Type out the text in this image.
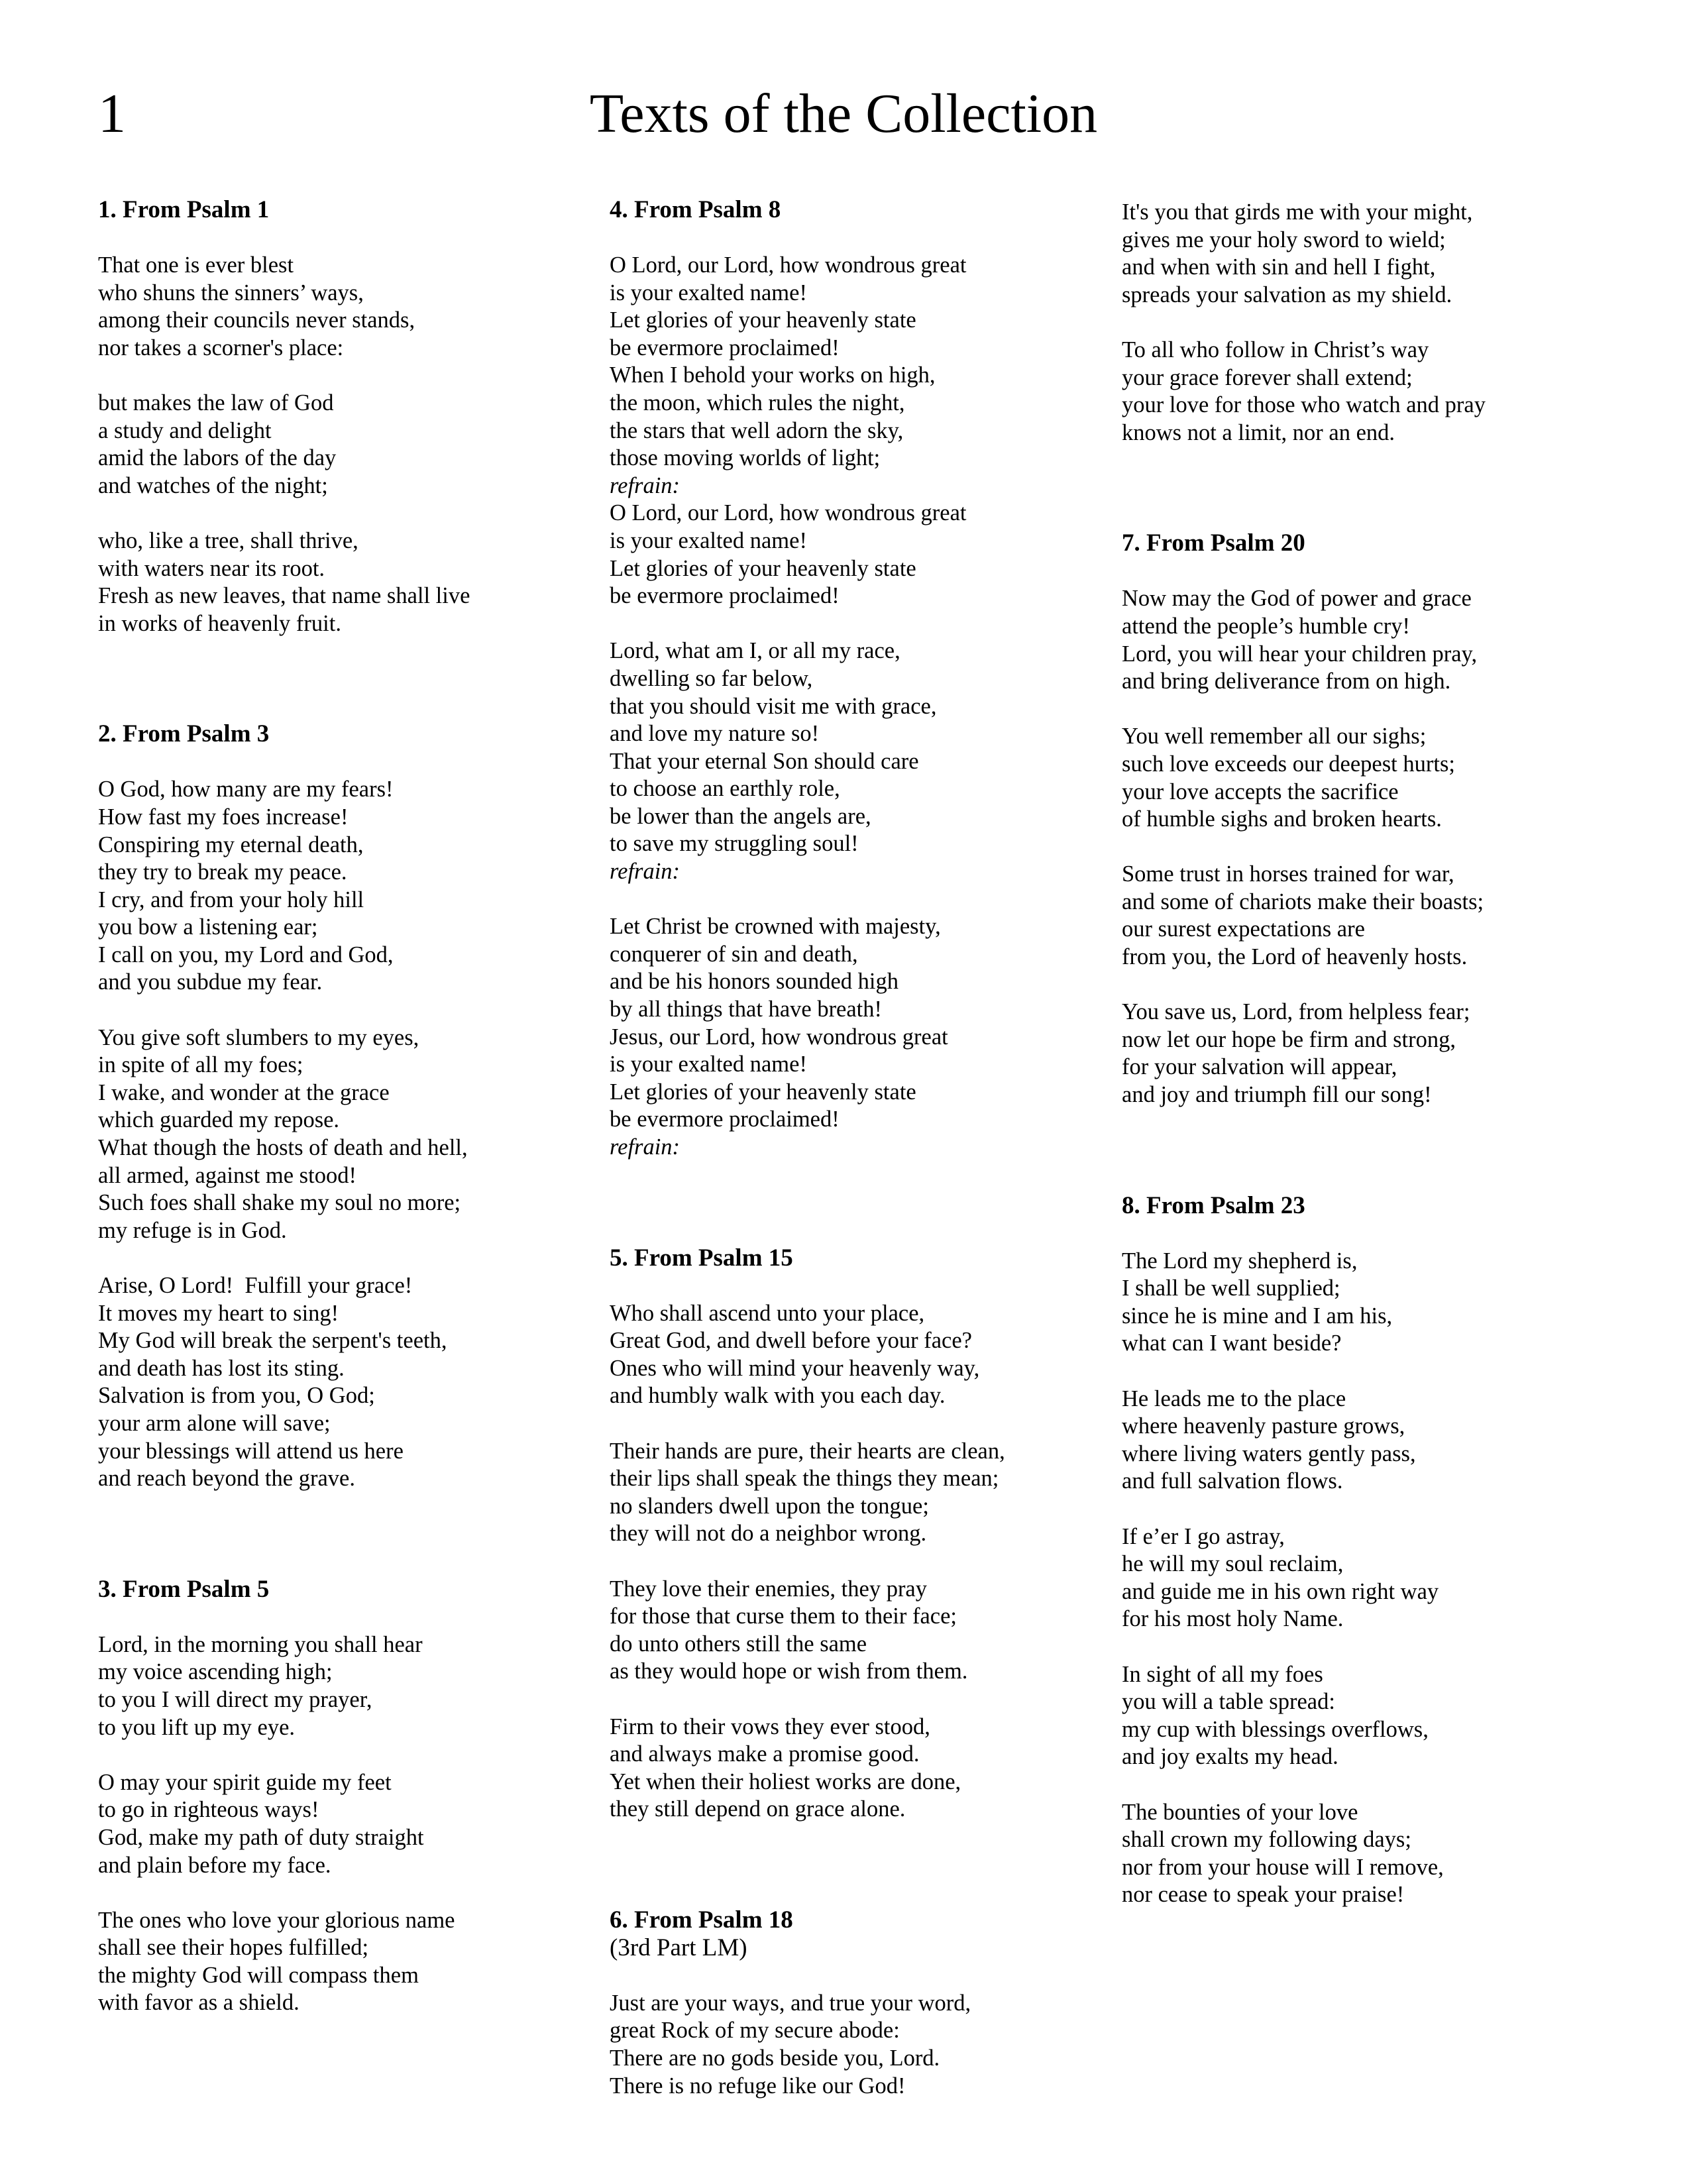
1	Texts of the Collection
1. From Psalm 1
That one is ever blest
who shuns the sinners’ ways,
among their councils never stands,
nor takes a scorner's place:
but makes the law of God
a study and delight
amid the labors of the day
and watches of the night;
who, like a tree, shall thrive,
with waters near its root.
Fresh as new leaves, that name shall live
in works of heavenly fruit.
2. From Psalm 3
O God, how many are my fears!
How fast my foes increase!
Conspiring my eternal death,
they try to break my peace.
I cry, and from your holy hill
you bow a listening ear;
I call on you, my Lord and God,
and you subdue my fear.
You give soft slumbers to my eyes,
in spite of all my foes;
I wake, and wonder at the grace
which guarded my repose.
What though the hosts of death and hell,
all armed, against me stood!
Such foes shall shake my soul no more;
my refuge is in God.
Arise, O Lord!  Fulfill your grace!
It moves my heart to sing!
My God will break the serpent's teeth,
and death has lost its sting.
Salvation is from you, O God;
your arm alone will save;
your blessings will attend us here
and reach beyond the grave.
3. From Psalm 5
Lord, in the morning you shall hear
my voice ascending high;
to you I will direct my prayer,
to you lift up my eye.
O may your spirit guide my feet
to go in righteous ways!
God, make my path of duty straight
and plain before my face.
The ones who love your glorious name
shall see their hopes fulfilled;
the mighty God will compass them
with favor as a shield.
4. From Psalm 8
O Lord, our Lord, how wondrous great
is your exalted name!
Let glories of your heavenly state
be evermore proclaimed!
When I behold your works on high,
the moon, which rules the night,
the stars that well adorn the sky,
those moving worlds of light;
refrain:
O Lord, our Lord, how wondrous great
is your exalted name!
Let glories of your heavenly state
be evermore proclaimed!
Lord, what am I, or all my race,
dwelling so far below,
that you should visit me with grace,
and love my nature so!
That your eternal Son should care
to choose an earthly role,
be lower than the angels are,
to save my struggling soul!
refrain:
Let Christ be crowned with majesty,
conquerer of sin and death,
and be his honors sounded high
by all things that have breath!
Jesus, our Lord, how wondrous great
is your exalted name!
Let glories of your heavenly state
be evermore proclaimed!
refrain:
5. From Psalm 15
Who shall ascend unto your place,
Great God, and dwell before your face?
Ones who will mind your heavenly way,
and humbly walk with you each day.
Their hands are pure, their hearts are clean,
their lips shall speak the things they mean;
no slanders dwell upon the tongue;
they will not do a neighbor wrong.
They love their enemies, they pray
for those that curse them to their face;
do unto others still the same
as they would hope or wish from them.
Firm to their vows they ever stood,
and always make a promise good.
Yet when their holiest works are done,
they still depend on grace alone.
6. From Psalm 18
(3rd Part LM)
Just are your ways, and true your word,
great Rock of my secure abode:
There are no gods beside you, Lord.
There is no refuge like our God!
It's you that girds me with your might,
gives me your holy sword to wield;
and when with sin and hell I fight,
spreads your salvation as my shield.
To all who follow in Christ’s way
your grace forever shall extend;
your love for those who watch and pray
knows not a limit, nor an end.
7. From Psalm 20
Now may the God of power and grace
attend the people’s humble cry!
Lord, you will hear your children pray,
and bring deliverance from on high.
You well remember all our sighs;
such love exceeds our deepest hurts;
your love accepts the sacrifice
of humble sighs and broken hearts.
Some trust in horses trained for war,
and some of chariots make their boasts;
our surest expectations are
from you, the Lord of heavenly hosts.
You save us, Lord, from helpless fear;
now let our hope be firm and strong,
for your salvation will appear,
and joy and triumph fill our song!
8. From Psalm 23
The Lord my shepherd is,
I shall be well supplied;
since he is mine and I am his,
what can I want beside?
He leads me to the place
where heavenly pasture grows,
where living waters gently pass,
and full salvation flows.
If e’er I go astray,
he will my soul reclaim,
and guide me in his own right way
for his most holy Name.
In sight of all my foes
you will a table spread:
my cup with blessings overflows,
and joy exalts my head.
The bounties of your love
shall crown my following days;
nor from your house will I remove,
nor cease to speak your praise!
